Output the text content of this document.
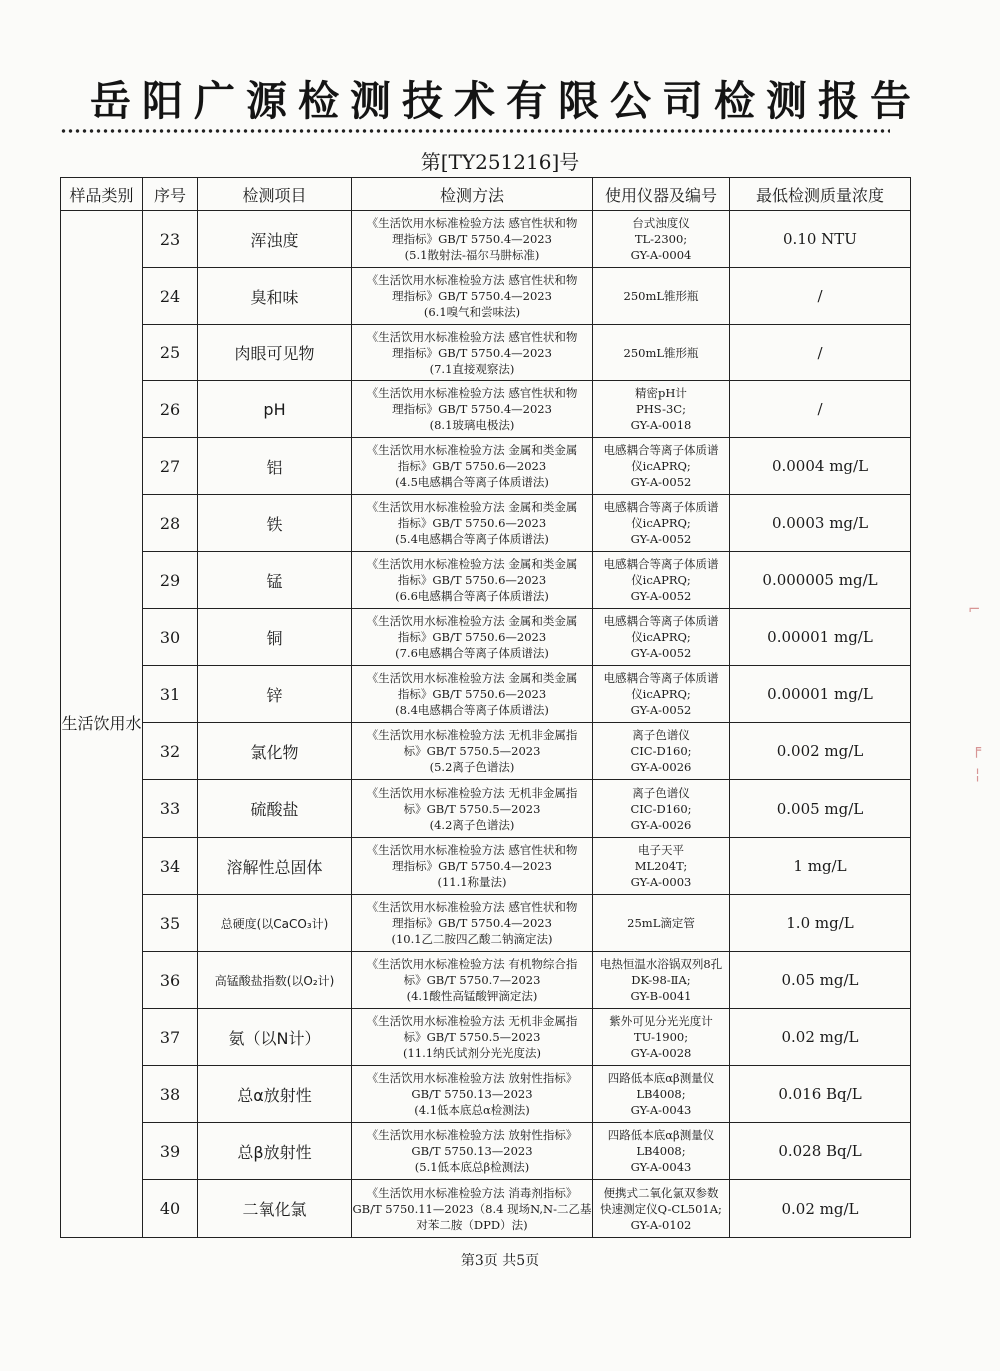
岳阳广源检测技术有限公司检测报告
第[TY251216]号
样品类别	序号	检测项目	检测方法	使用仪器及编号	最低检测质量浓度
生活饮用水	23	浑浊度	《生活饮用水标准检验方法 感官性状和物
理指标》GB/T 5750.4—2023
(5.1散射法-福尔马肼标准)	台式浊度仪
TL-2300;
GY-A-0004	0.10 NTU
	24	臭和味	《生活饮用水标准检验方法 感官性状和物
理指标》GB/T 5750.4—2023
(6.1嗅气和尝味法)	250mL锥形瓶	/
	25	肉眼可见物	《生活饮用水标准检验方法 感官性状和物
理指标》GB/T 5750.4—2023
(7.1直接观察法)	250mL锥形瓶	/
	26	pH	《生活饮用水标准检验方法 感官性状和物
理指标》GB/T 5750.4—2023
(8.1玻璃电极法)	精密pH计
PHS-3C;
GY-A-0018	/
	27	铝	《生活饮用水标准检验方法 金属和类金属
指标》GB/T 5750.6—2023
(4.5电感耦合等离子体质谱法)	电感耦合等离子体质谱
仪icAPRQ;
GY-A-0052	0.0004 mg/L
	28	铁	《生活饮用水标准检验方法 金属和类金属
指标》GB/T 5750.6—2023
(5.4电感耦合等离子体质谱法)	电感耦合等离子体质谱
仪icAPRQ;
GY-A-0052	0.0003 mg/L
	29	锰	《生活饮用水标准检验方法 金属和类金属
指标》GB/T 5750.6—2023
(6.6电感耦合等离子体质谱法)	电感耦合等离子体质谱
仪icAPRQ;
GY-A-0052	0.000005 mg/L
	30	铜	《生活饮用水标准检验方法 金属和类金属
指标》GB/T 5750.6—2023
(7.6电感耦合等离子体质谱法)	电感耦合等离子体质谱
仪icAPRQ;
GY-A-0052	0.00001 mg/L
	31	锌	《生活饮用水标准检验方法 金属和类金属
指标》GB/T 5750.6—2023
(8.4电感耦合等离子体质谱法)	电感耦合等离子体质谱
仪icAPRQ;
GY-A-0052	0.00001 mg/L
	32	氯化物	《生活饮用水标准检验方法 无机非金属指
标》GB/T 5750.5—2023
(5.2离子色谱法)	离子色谱仪
CIC-D160;
GY-A-0026	0.002 mg/L
	33	硫酸盐	《生活饮用水标准检验方法 无机非金属指
标》GB/T 5750.5—2023
(4.2离子色谱法)	离子色谱仪
CIC-D160;
GY-A-0026	0.005 mg/L
	34	溶解性总固体	《生活饮用水标准检验方法 感官性状和物
理指标》GB/T 5750.4—2023
(11.1称量法)	电子天平
ML204T;
GY-A-0003	1 mg/L
	35	总硬度(以CaCO₃计)	《生活饮用水标准检验方法 感官性状和物
理指标》GB/T 5750.4—2023
(10.1乙二胺四乙酸二钠滴定法)	25mL滴定管	1.0 mg/L
	36	高锰酸盐指数(以O₂计)	《生活饮用水标准检验方法 有机物综合指
标》GB/T 5750.7—2023
(4.1酸性高锰酸钾滴定法)	电热恒温水浴锅双列8孔
DK-98-ⅡA;
GY-B-0041	0.05 mg/L
	37	氨（以N计）	《生活饮用水标准检验方法 无机非金属指
标》GB/T 5750.5—2023
(11.1纳氏试剂分光光度法)	紫外可见分光光度计
TU-1900;
GY-A-0028	0.02 mg/L
	38	总α放射性	《生活饮用水标准检验方法 放射性指标》
GB/T 5750.13—2023
(4.1低本底总α检测法)	四路低本底αβ测量仪
LB4008;
GY-A-0043	0.016 Bq/L
	39	总β放射性	《生活饮用水标准检验方法 放射性指标》
GB/T 5750.13—2023
(5.1低本底总β检测法)	四路低本底αβ测量仪
LB4008;
GY-A-0043	0.028 Bq/L
	40	二氧化氯	《生活饮用水标准检验方法 消毒剂指标》
GB/T 5750.11—2023（8.4 现场N,N-二乙基
对苯二胺（DPD）法)	便携式二氧化氯双参数
快速测定仪Q-CL501A;
GY-A-0102	0.02 mg/L
第3页 共5页
⌐
╒
¦
